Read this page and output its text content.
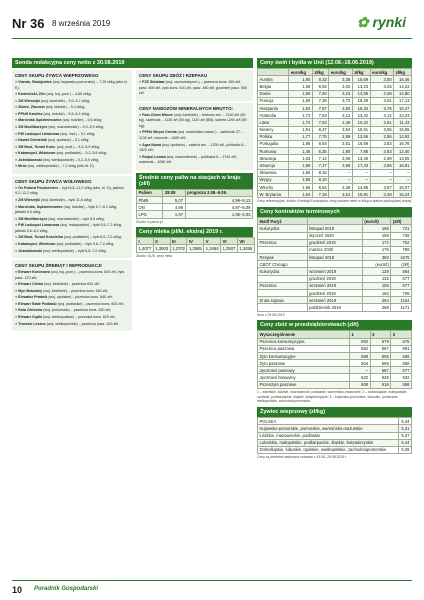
Nr 36 8 września 2019	✿ rynki
Sonda redakcyjna ceny netto z 30.08.2019
CENY SKUPU ŻYWCA WIEPRZOWEGO

● Viando, Radojewice (woj. kujawsko-pomorskie) – 7,25 zł/kg (wbc kl. E);

● Kwieciński, Zrin (woj. kuj.-pom.) – 4,85 zł/kg;

● ZM Wierzejki (woj. lubelskie) – 5,0–5,7 zł/kg;

● Złotex, Złoczew (woj. łódzkie) – 5,4 zł/kg;

● PPUH Karolko (woj. łódzkie) – 5,5–6,2 zł/kg;

● Marciniak Sędziminowice (woj. łódzkie) – 5,6 zł/kg;

● ZM Modliborzyce (woj. mazowieckie) – 5,0–5,9 zł/kg;

● PW Laskopol Limanowa (woj. mał.) – 5,1 zł/kg;

● Nowal Chmielnik (woj. opolskie) – 5,1 zł/kg;

● ZM Bost, Turośl Kośc. (woj. podl.) – 5,4–5,9 zł/kg;

● Kabanopol, Wiśniowo (woj. podlaskie) – 5,2–5,9 zł/kg;

● Jóźwiakowski (woj. wielkopolskie) – 5,2–5,9 zł/kg;

● Mróz (woj. wielkopolskie) – 7,2 zł/kg (wbc kl. E).

CENY SKUPU ŻYWCA WOŁOWEGO

● Ox Poland Foodservice – byki 8,6–11,2 zł/kg (wbc, kl. O), jałówki 9,2–12,2 zł/kg;

● ZM Wierzejki (woj. lubelskie) – byki 11,6 zł/kg;

● Marciniak, Sędziminowice (woj. łódzkie) – byki 5,7–6,2 zł/kg, jałówki 6,5 zł/kg;

● ZM Modliborzyce (woj. mazowieckie) – byki 6,5 zł/kg;

● PW Laskopol Limanowa (woj. małopolskie) – byki 6,5–7,2 zł/kg, jałówki 5,6–6,2 zł/kg;

● ZM Bost, Turośl Kościelna (woj. podlaskie) – byki 6,0–7,0 zł/kg;

● Kabanopol, Wiśniowo (woj. podlaskie) – byki 5,6–7,0 zł/kg;

● Jóźwiakowski (woj. wielkopolskie) – byki 6,5–7,0 zł/kg.

CENY SKUPU ŻREBIĄT I REPRODUKCJI

● Elewarr Koronowo (woj. kuj.-pom.) – pszenica kons. 630 zł/t, żyto pasz. 470 zł/t;

● Elewarr Chełm (woj. lubelskie) – pszenica 620 zł/t;

● Myn Braudrey (woj. lubelskie) – pszenica kons. 650 zł/t;

● Elewator Pradnik (woj. opolskie) – pszenica kons. 640 zł/t;

● Elewarr Białe Podlaski (woj. podlaskie) – pszenica kons. 600 zł/t;

● Rola Cielczów (woj. pomorskie) – pszenica kons. 630 zł/t;

● Elewarr Gądki (woj. wielkopolskie) – pszenica kons. 620 zł/t;

● Transrol Leszno (woj. wielkopolskie) – pszenica pasz. 615 zł/t.

CENY SKUPU ZBÓŻ I RZEPAKU

● PZZ Stoisław (woj. zachodniopom.) – pszenica kons. 660 zł/t, pasz. 600 zł/t, żyto kons. 510 zł/t, pasz. 460 zł/t, jęczmień pasz. 550 zł/t.

CENY NAWOZÓW MINERALNYCH BRUTTO:

● Fast-Chem Mircze (woj. lubelskie) – fosforan am. – 2160 zł/t (50 kg), saletrzak – 1130 zł/t (50 kg), 1110 zł/t (BB), saletra 1290 zł/t (50 kg);

● PPHU Mirpol Orneta (woj. warmińsko-mazur.) – saletrzak 27 – 1130 zł/t, mocznik – 1650 zł/t;

● Agra Nowa (woj. opolskie) – saletra am. – 1200 zł/t, polifoska 6 – 1820 zł/t;

● Rolpol Łomża (woj. mazowieckie) – polifoska 6 – 1740 zł/t, saletrzak – 1080 zł/t.

Średnie ceny paliw na stacjach w kraju (zł/l)
Paliwo	28.08	prognoza 2.09.-6.09.
Pb95	5,07	4,99–5,13
ON	4,96	4,97–5,09
LPG	1,97	1,95–2,03
Źródło: e-petrol.pl
Ceny mleka (zł/kl. ekstra) 2019 r.
I	II	III	IV	V	VI	VII
1,4077	1,3903	1,3702	1,3585	1,3464	1,3507	1,3456
Źródło: GUS, ceny netto
Ceny świń i bydła w Unii (12.08.-18.06.2019)
	euro/kg	zł/kg	euro/kg	zł/kg	euro/kg	zł/kg
Austria	1,90	8,32	3,38	15,69	3,50	15,46
Belgia	1,58	6,92	3,02	13,23	3,25	14,23
Dania	1,69	7,40	3,23	14,59	3,38	14,80
Francja	1,69	7,36	3,72	16,29	3,91	17,13
Hiszpania	1,82	7,97	3,50	15,33	3,76	16,47
Holandia	1,72	7,53	3,12	13,42	3,12	13,23
Litwa	1,72	7,53	2,48	10,22	2,61	11,43
Niemcy	1,91	8,37	3,54	15,51	3,55	15,55
Polska	1,77	7,75	2,89	12,66	2,95	12,92
Portugalia	1,95	8,54	3,81	16,69	3,83	16,78
Rumunia	1,45	6,35	1,80	7,88	2,83	12,40
Słowacja	1,63	7,14	3,06	13,40	2,98	13,05
Szwecja	1,96	7,27	3,98	17,43	3,86	16,91
Słowenia	1,86	8,15	–	–	–	–
Węgry	1,85	8,10	–	–	–	–
Włochy	1,95	8,54	3,39	14,86	3,67	16,07
W. Brytania	1,64	7,18	3,61	15,81	3,48	15,24
Ceny referencyjne, źródło: Komisja Europejska; ceny podane netto w zł/kg w wadze poubojowej ciepłej
Ceny kontraktów terminowych
Matif Paryż		(euro/t)	(zł/t)
Kukurydza	listopad 2019	165	721
	styczeń 2020	169	739
Pszenica	grudzień 2019	172	752
	marzec 2020	176	769
Rzepak	listopad 2019	383	1675
CBOT Chicago		(euro/t)	(zł/t)
Kukurydza	wrzesień 2019	129	564
	grudzień 2019	132	577
Pszenica	wrzesień 2019	155	677
	grudzień 2019	162	708
Śruta sojowa	wrzesień 2019	264	1154
	październik 2019	268	1171
Kurs z 29.08.2019
Ceny zbóż w przedsiębiorstwach (zł/t)
Wyszczególnienie	1	2	3
Pszenica konsumpcyjna	692	679	675
Pszenica paszowa	652	667	691
Żyto konsumpcyjne	599	606	596
Żyto paszowe	504	565	558
Jęczmień paszowy	–	587	577
Jęczmień browarny	622	626	632
Pszenżyto paszowe	608	616	598
1 – lubelskie, łódzkie, mazowieckie, podlaskie, warmińsko-mazurskie; 2 – dolnośląskie, małopolskie, opolskie, podkarpackie, śląskie, świętokrzyskie; 3 – kujawsko-pomorskie, lubuskie, pomorskie, wielkopolskie, zachodniopomorskie.
Żywiec wieprzowy (zł/kg)
POLSKA	5,34
Kujawsko-pomorskie, pomorskie, warmińsko-mazurskie	5,31
Łódzkie, mazowieckie, podlaskie	5,37
Lubelskie, małopolskie, podkarpackie, śląskie, świętokrzyskie	5,44
Dolnośląskie, lubuskie, opolskie, wielkopolskie, zachodniopomorskie	5,29
Ceny są średnimi ważonymi notowań z 19.08.-25.08.2019 r.
10 Poradnik Gospodarski
